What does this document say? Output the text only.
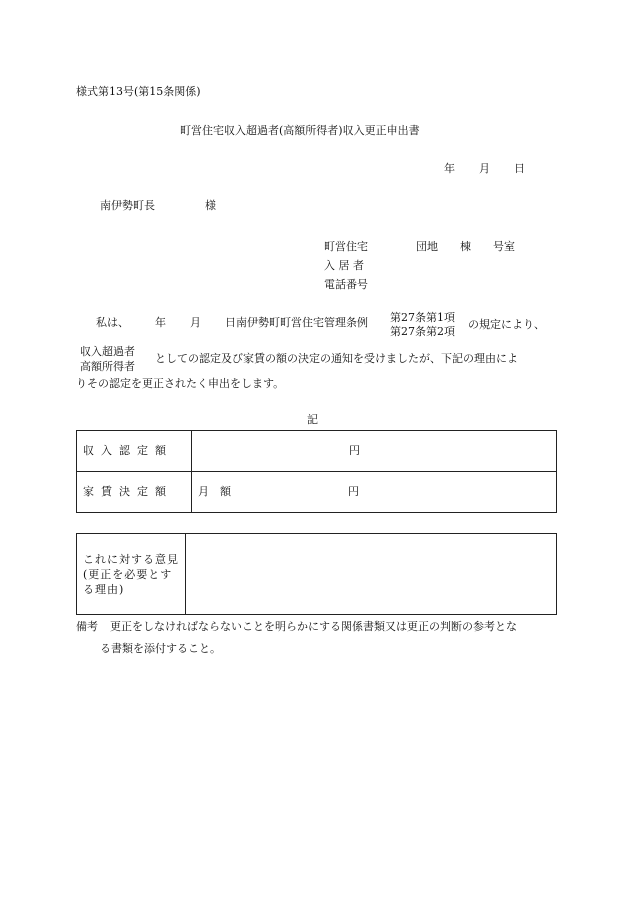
様式第13号(第15条関係)
町営住宅収入超過者(高額所得者)収入更正申出書
年 月 日
南伊勢町長	様
町営住宅	団地 棟 号室
入 居 者
電話番号
私は、 年 月 日南伊勢町町営住宅管理条例 第27条第1項
第27条第2項
の規定により、
収入超過者
高額所得者
としての認定及び家賃の額の決定の通知を受けましたが、下記の理由によ
りその認定を更正されたく申出をします。
記
収入認定額	円
家賃決定額	月　額 円
これに対する意見
(更正を必要とす
る理由)

備考 更正をしなければならないことを明らかにする関係書類又は更正の判断の参考とな
る書類を添付すること。
